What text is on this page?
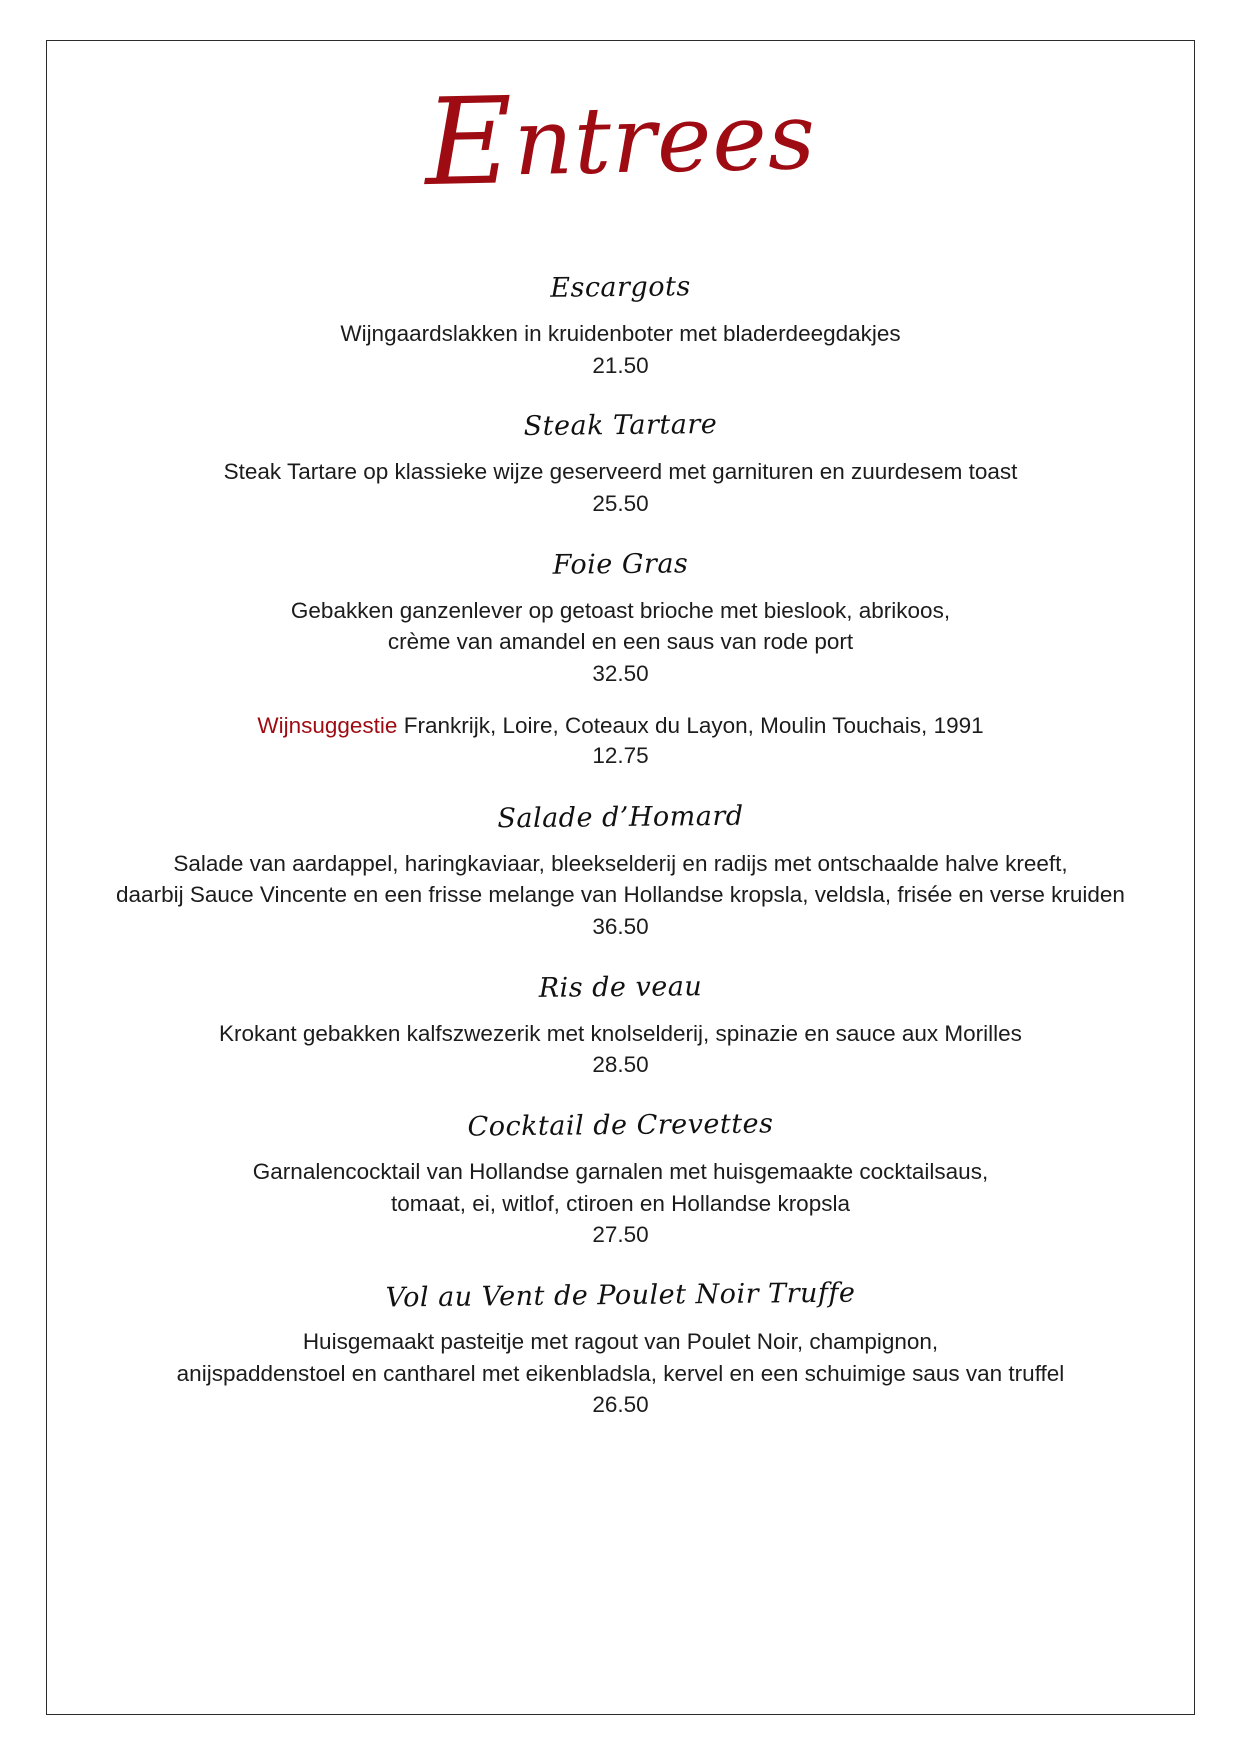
Entrees
Escargots
Wijngaardslakken in kruidenboter met bladerdeegdakjes
21.50
Steak Tartare
Steak Tartare op klassieke wijze geserveerd met garnituren en zuurdesem toast
25.50
Foie Gras
Gebakken ganzenlever op getoast brioche met bieslook, abrikoos,
crème van amandel en een saus van rode port
32.50
Wijnsuggestie Frankrijk, Loire, Coteaux du Layon, Moulin Touchais, 1991
12.75
Salade d’Homard
Salade van aardappel, haringkaviaar, bleekselderij en radijs met ontschaalde halve kreeft,
daarbij Sauce Vincente en een frisse melange van Hollandse kropsla, veldsla, frisée en verse kruiden
36.50
Ris de veau
Krokant gebakken kalfszwezerik met knolselderij, spinazie en sauce aux Morilles
28.50
Cocktail de Crevettes
Garnalencocktail van Hollandse garnalen met huisgemaakte cocktailsaus,
tomaat, ei, witlof, ctiroen en Hollandse kropsla
27.50
Vol au Vent de Poulet Noir Truffe
Huisgemaakt pasteitje met ragout van Poulet Noir, champignon,
anijspaddenstoel en cantharel met eikenbladsla, kervel en een schuimige saus van truffel
26.50
